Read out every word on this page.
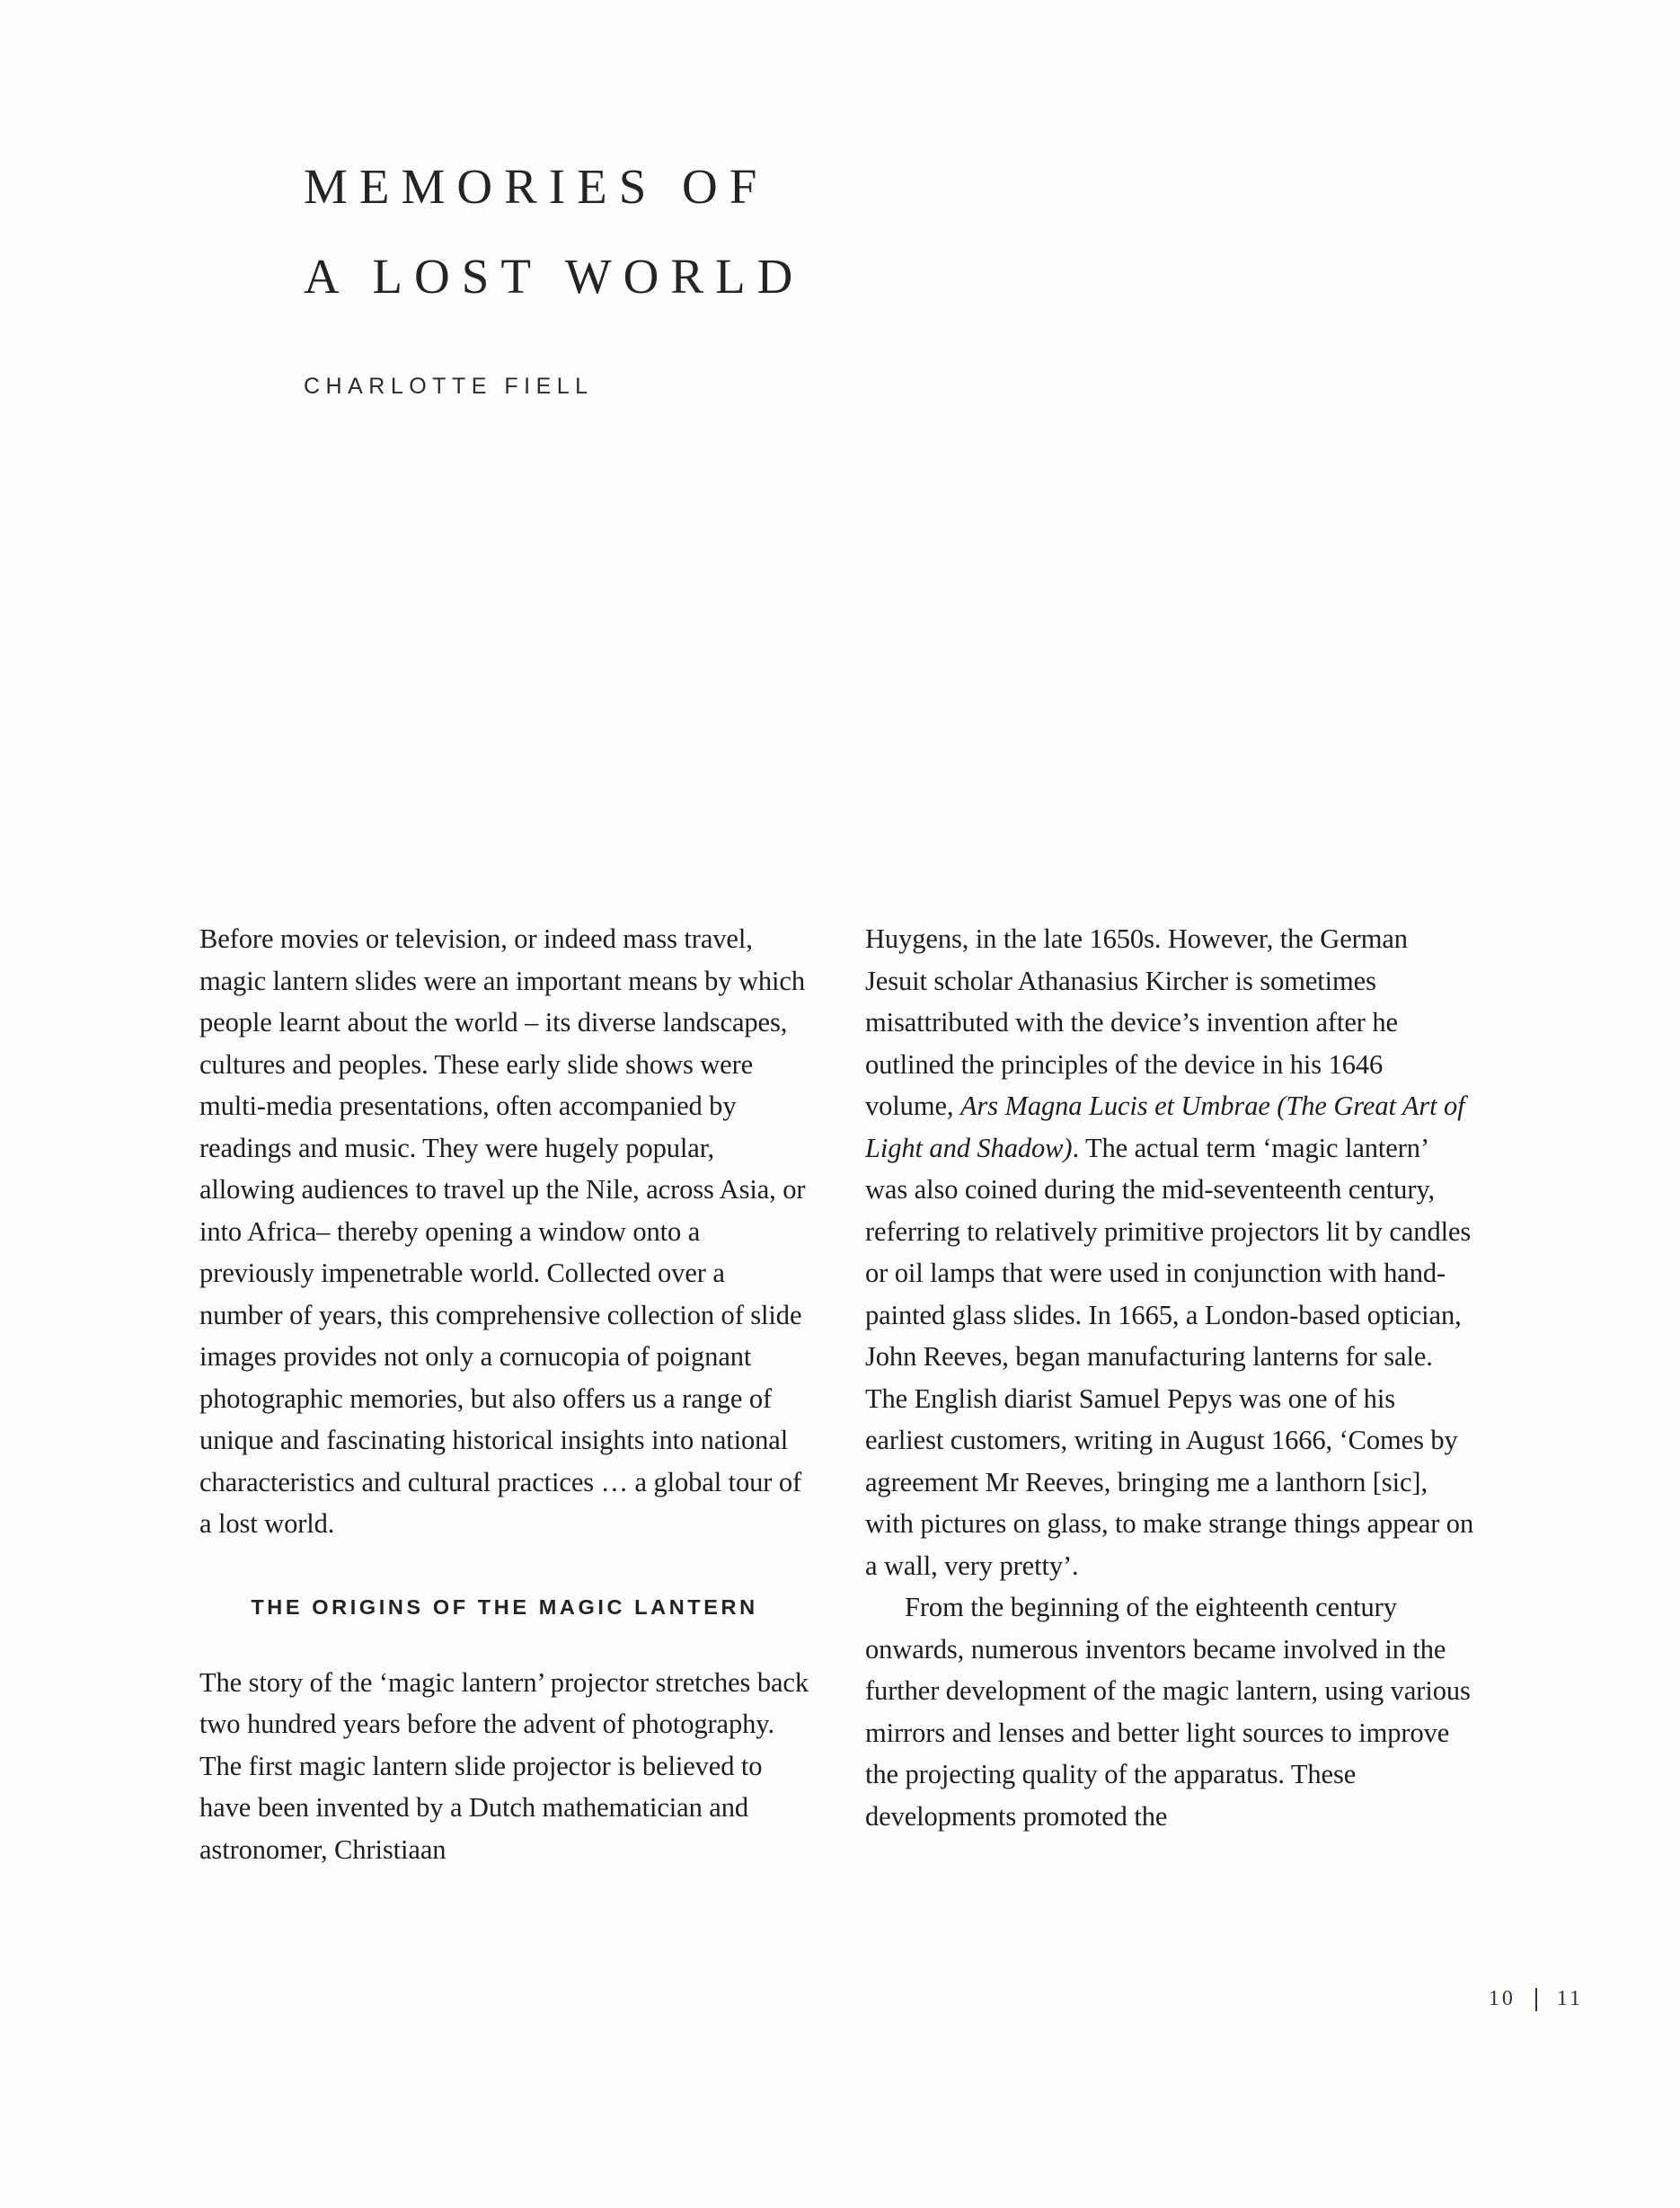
MEMORIES OF
A LOST WORLD
CHARLOTTE FIELL

Before movies or television, or indeed mass travel, magic lantern slides were an important means by which people learnt about the world – its diverse landscapes, cultures and peoples. These early slide shows were multi-media presentations, often accompanied by readings and music. They were hugely popular, allowing audiences to travel up the Nile, across Asia, or into Africa– thereby opening a window onto a previously impenetrable world. Collected over a number of years, this comprehensive collection of slide images provides not only a cornucopia of poignant photographic memories, but also offers us a range of unique and fascinating historical insights into national characteristics and cultural practices … a global tour of a lost world.

THE ORIGINS OF THE MAGIC LANTERN

The story of the ‘magic lantern’ projector stretches back two hundred years before the advent of photography. The first magic lantern slide projector is believed to have been invented by a Dutch mathematician and astronomer, Christiaan

Huygens, in the late 1650s. However, the German Jesuit scholar Athanasius Kircher is sometimes misattributed with the device’s invention after he outlined the principles of the device in his 1646 volume, Ars Magna Lucis et Umbrae (The Great Art of Light and Shadow). The actual term ‘magic lantern’ was also coined during the mid-seventeenth century, referring to relatively primitive projectors lit by candles or oil lamps that were used in conjunction with hand-painted glass slides. In 1665, a London-based optician, John Reeves, began manufacturing lanterns for sale. The English diarist Samuel Pepys was one of his earliest customers, writing in August 1666, ‘Comes by agreement Mr Reeves, bringing me a lanthorn [sic], with pictures on glass, to make strange things appear on a wall, very pretty’.

From the beginning of the eighteenth century onwards, numerous inventors became involved in the further development of the magic lantern, using various mirrors and lenses and better light sources to improve the projecting quality of the apparatus. These developments promoted the

10 11
